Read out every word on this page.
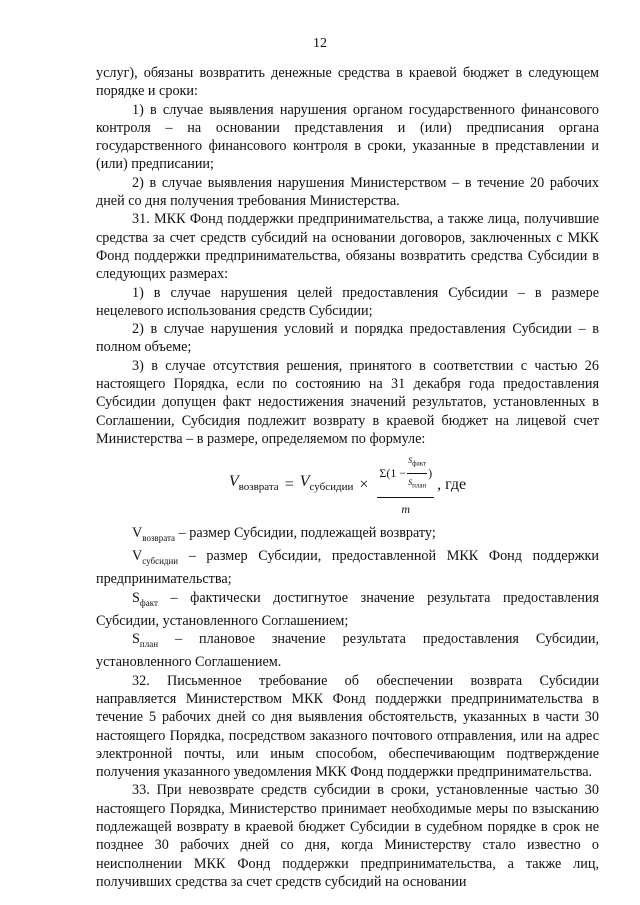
12

услуг), обязаны возвратить денежные средства в краевой бюджет в следующем порядке и сроки:

1) в случае выявления нарушения органом государственного финансового контроля – на основании представления и (или) предписания органа государственного финансового контроля в сроки, указанные в представлении и (или) предписании;

2) в случае выявления нарушения Министерством – в течение 20 рабочих дней со дня получения требования Министерства.

31. МКК Фонд поддержки предпринимательства, а также лица, получившие средства за счет средств субсидий на основании договоров, заключенных с МКК Фонд поддержки предпринимательства, обязаны возвратить средства Субсидии в следующих размерах:

1) в случае нарушения целей предоставления Субсидии – в размере нецелевого использования средств Субсидии;

2) в случае нарушения условий и порядка предоставления Субсидии – в полном объеме;

3) в случае отсутствия решения, принятого в соответствии с частью 26 настоящего Порядка, если по состоянию на 31 декабря года предоставления Субсидии допущен факт недостижения значений результатов, установленных в Соглашении, Субсидия подлежит возврату в краевой бюджет на лицевой счет Министерства – в размере, определяемом по формуле:

$V_{возврата} = V_{субсидии}$ ×
Σ(1 −
$S_{факт}$
$S_{план}$
)
m
, где

$V_{возврата}$ – размер Субсидии, подлежащей возврату;

$V_{субсидии}$ – размер Субсидии, предоставленной МКК Фонд поддержки предпринимательства;

$S_{факт}$ – фактически достигнутое значение результата предоставления Субсидии, установленного Соглашением;

$S_{план}$ – плановое значение результата предоставления Субсидии, установленного Соглашением.

32. Письменное требование об обеспечении возврата Субсидии направляется Министерством МКК Фонд поддержки предпринимательства в течение 5 рабочих дней со дня выявления обстоятельств, указанных в части 30 настоящего Порядка, посредством заказного почтового отправления, или на адрес электронной почты, или иным способом, обеспечивающим подтверждение получения указанного уведомления МКК Фонд поддержки предпринимательства.

33. При невозврате средств субсидии в сроки, установленные частью 30 настоящего Порядка, Министерство принимает необходимые меры по взысканию подлежащей возврату в краевой бюджет Субсидии в судебном порядке в срок не позднее 30 рабочих дней со дня, когда Министерству стало известно о неисполнении МКК Фонд поддержки предпринимательства, а также лиц, получивших средства за счет средств субсидий на основании
